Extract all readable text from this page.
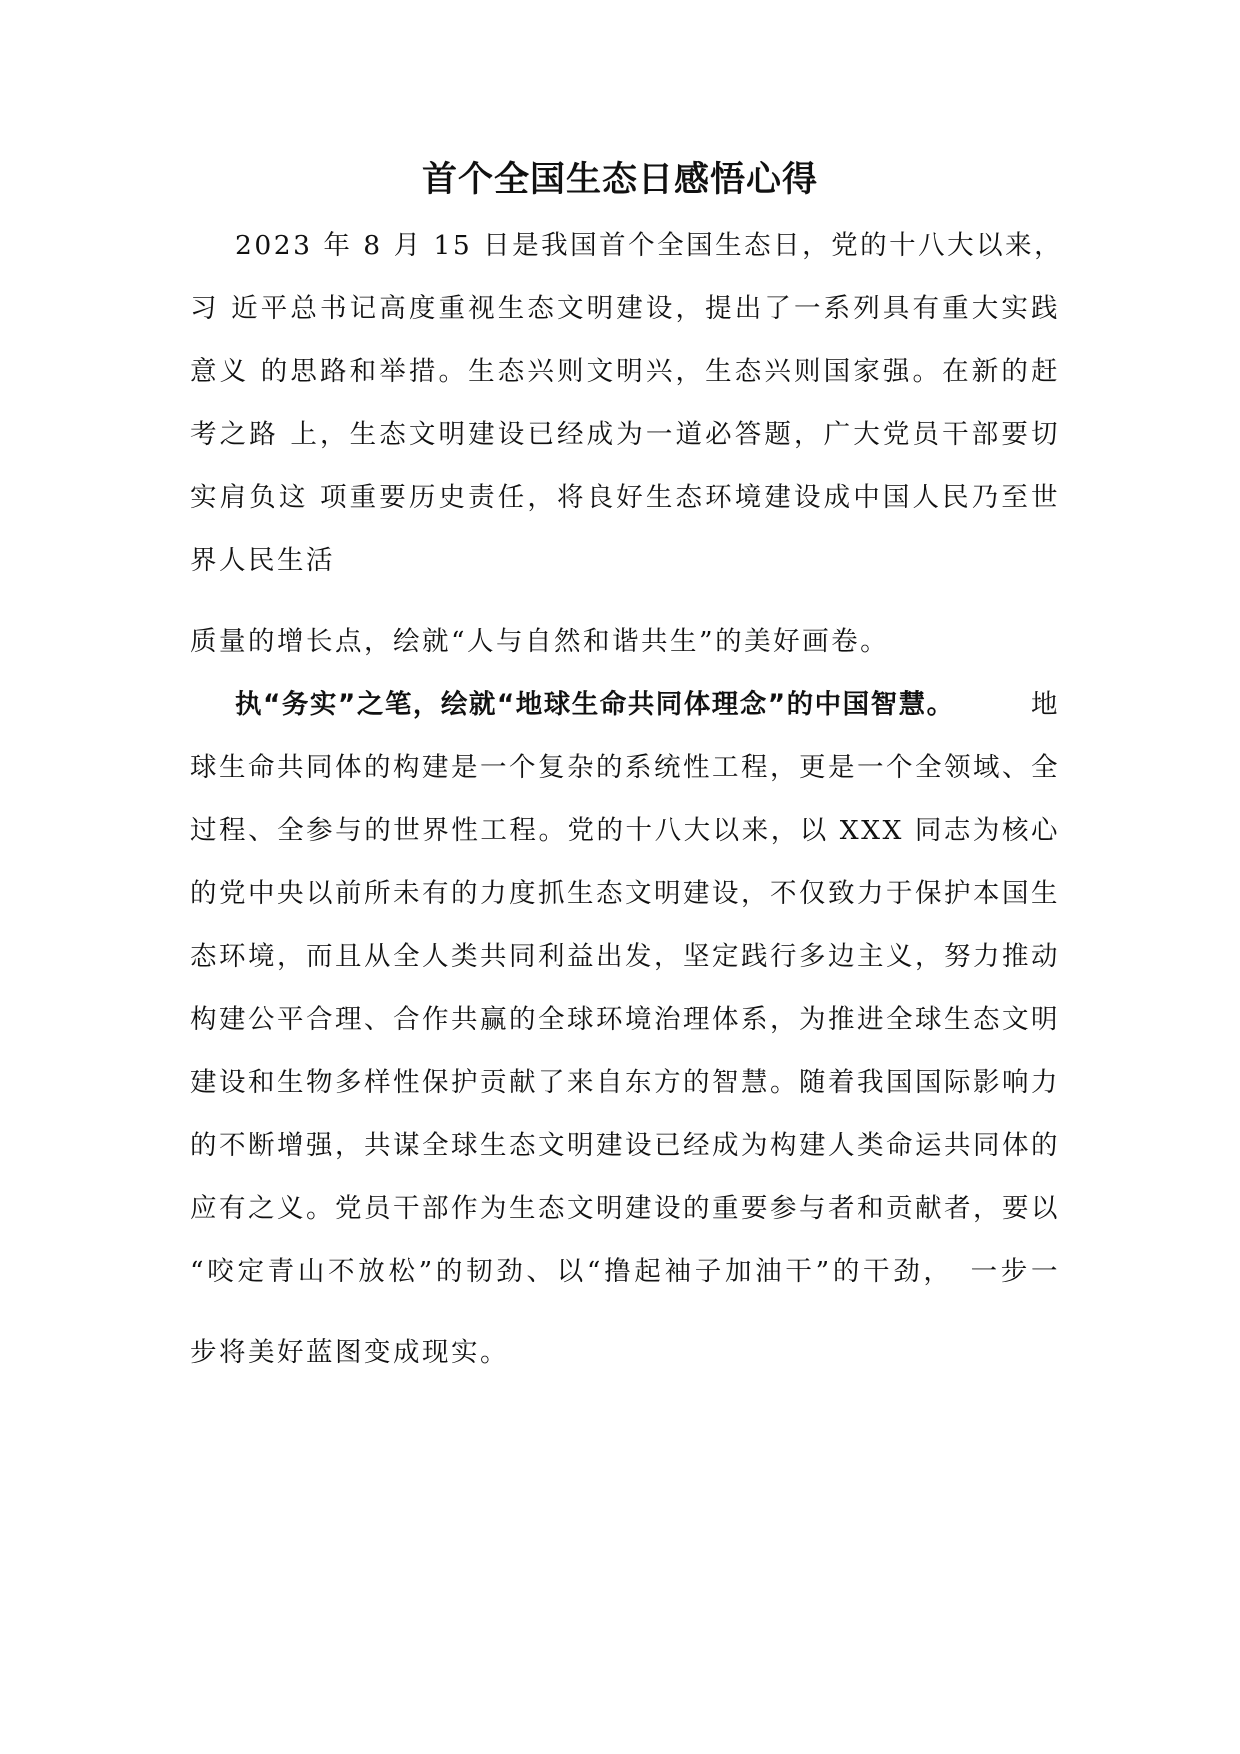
首个全国生态日感悟心得

2023 年 8 月 15 日是我国首个全国生态日，党的十八大以来，

习 近平总书记高度重视生态文明建设，提出了一系列具有重大实践

意义 的思路和举措。生态兴则文明兴，生态兴则国家强。在新的赶

考之路 上，生态文明建设已经成为一道必答题，广大党员干部要切

实肩负这 项重要历史责任，将良好生态环境建设成中国人民乃至世

界人民生活

质量的增长点，绘就“人与自然和谐共生”的美好画卷。

执“务实”之笔，绘就“地球生命共同体理念”的中国智慧。	地

球生命共同体的构建是一个复杂的系统性工程，更是一个全领域、全

过程、全参与的世界性工程。党的十八大以来，以 XXX 同志为核心

的党中央以前所未有的力度抓生态文明建设，不仅致力于保护本国生

态环境，而且从全人类共同利益出发，坚定践行多边主义，努力推动

构建公平合理、合作共赢的全球环境治理体系，为推进全球生态文明

建设和生物多样性保护贡献了来自东方的智慧。随着我国国际影响力

的不断增强，共谋全球生态文明建设已经成为构建人类命运共同体的

应有之义。党员干部作为生态文明建设的重要参与者和贡献者，要以

“咬定青山不放松”的韧劲、以“撸起袖子加油干”的干劲，　一步一

步将美好蓝图变成现实。
